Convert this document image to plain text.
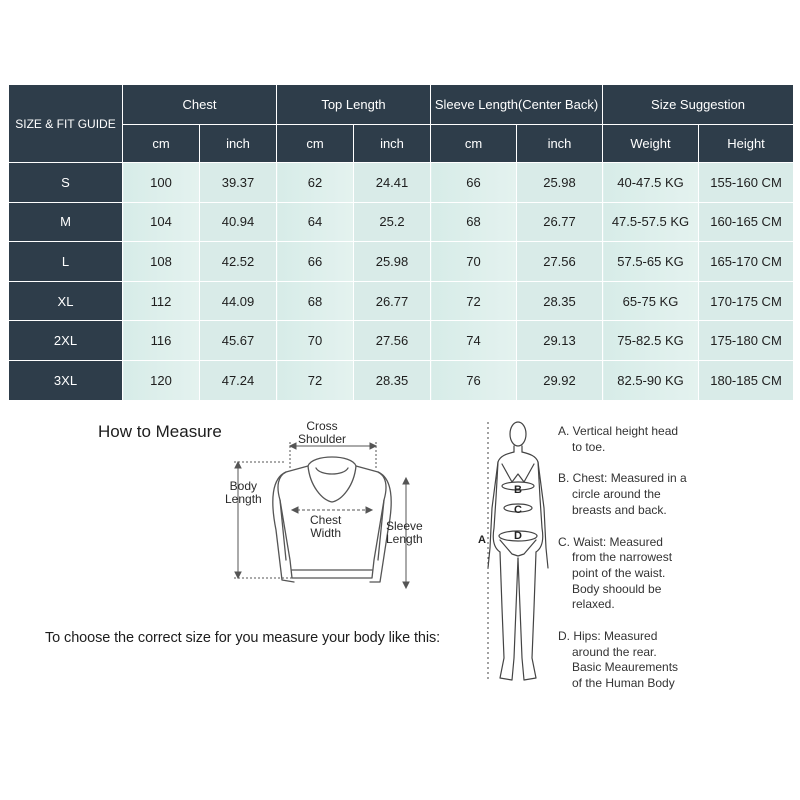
SIZE & FIT GUIDE	Chest		Top Length		Sleeve Length(Center Back)		Size Suggestion	
	cm	inch	cm	inch	cm	inch	Weight	Height
S	100	39.37	62	24.41	66	25.98	40-47.5 KG	155-160 CM
M	104	40.94	64	25.2	68	26.77	47.5-57.5 KG	160-165 CM
L	108	42.52	66	25.98	70	27.56	57.5-65 KG	165-170 CM
XL	112	44.09	68	26.77	72	28.35	65-75 KG	170-175 CM
2XL	116	45.67	70	27.56	74	29.13	75-82.5 KG	175-180 CM
3XL	120	47.24	72	28.35	76	29.92	82.5-90 KG	180-185 CM
How to Measure	Cross
Shoulder
Body
Length
Chest
Width	Sleeve
Length
To choose the correct size for you measure your body like this:
B
C
D
A
A. Vertical height head
to toe.
B. Chest: Measured in a
circle around the
breasts and back.
C. Waist: Measured
from the narrowest
point of the waist.
Body shoould be
relaxed.
D. Hips: Measured
around the rear.
Basic Meaurements
of the Human Body
